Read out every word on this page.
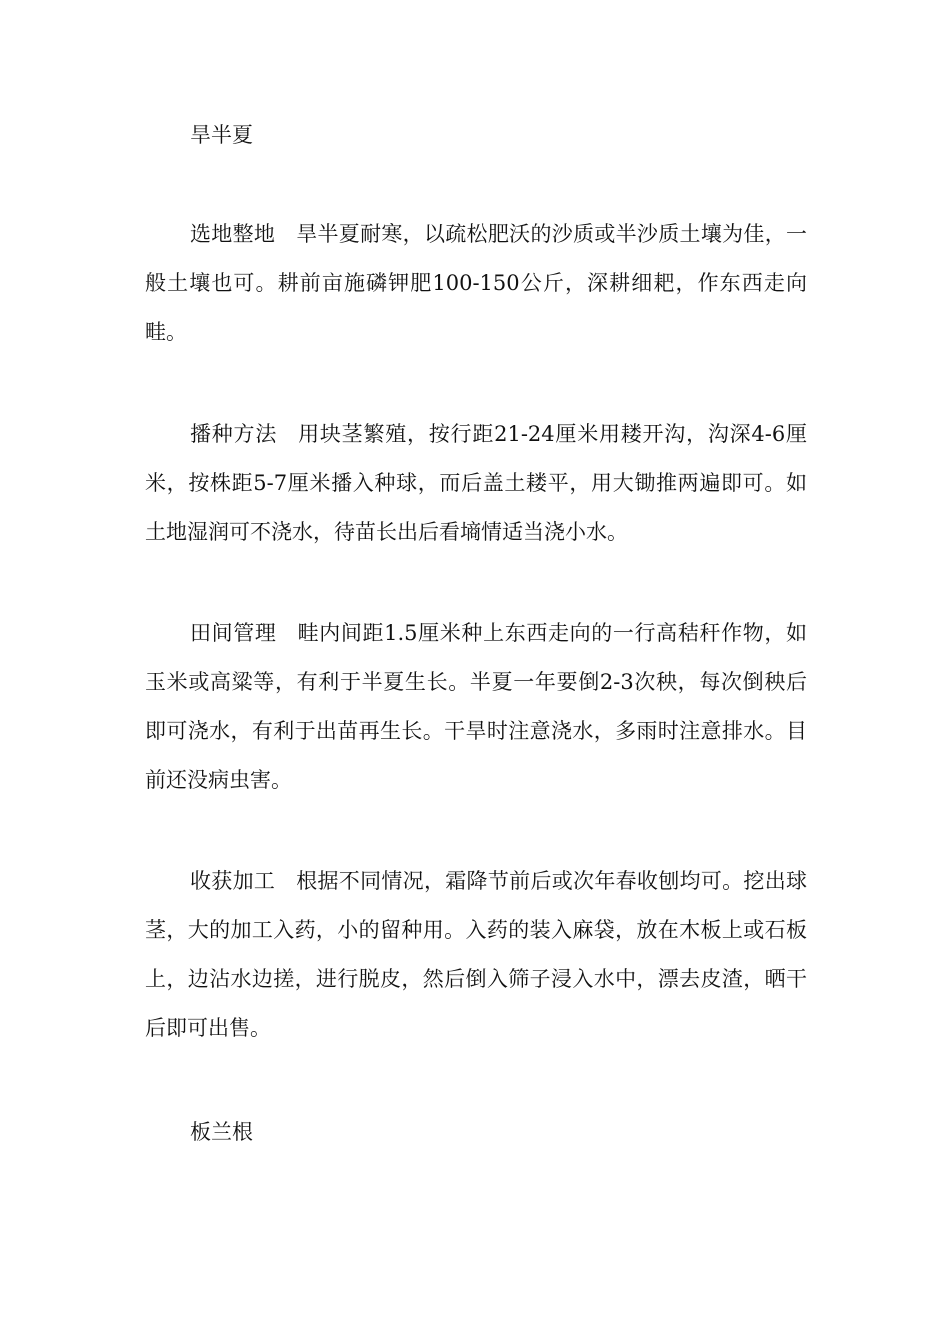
旱半夏

选地整地 旱半夏耐寒，以疏松肥沃的沙质或半沙质土壤为佳，一般土壤也可。耕前亩施磷钾肥100-150公斤，深耕细耙，作东西走向畦。

播种方法 用块茎繁殖，按行距21-24厘米用耧开沟，沟深4-6厘米，按株距5-7厘米播入种球，而后盖土耧平，用大锄推两遍即可。如土地湿润可不浇水，待苗长出后看墒情适当浇小水。

田间管理 畦内间距1.5厘米种上东西走向的一行高秸秆作物，如玉米或高粱等，有利于半夏生长。半夏一年要倒2-3次秧，每次倒秧后即可浇水，有利于出苗再生长。干旱时注意浇水，多雨时注意排水。目前还没病虫害。

收获加工 根据不同情况，霜降节前后或次年春收刨均可。挖出球茎，大的加工入药，小的留种用。入药的装入麻袋，放在木板上或石板上，边沾水边搓，进行脱皮，然后倒入筛子浸入水中，漂去皮渣，晒干后即可出售。

板兰根
